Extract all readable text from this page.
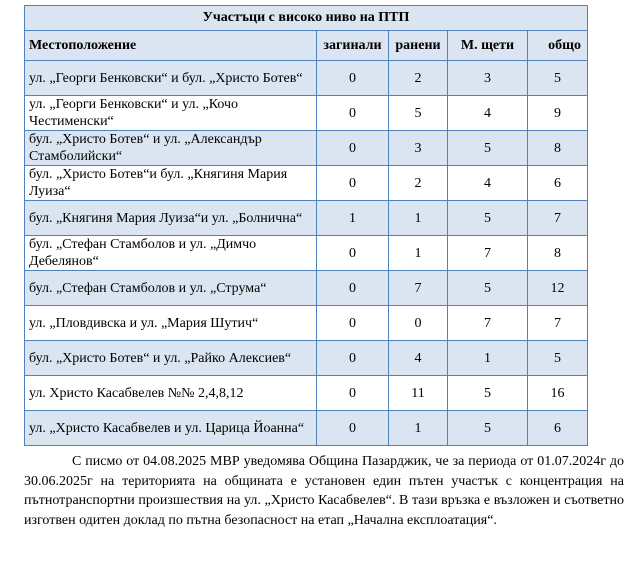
Участъци с високо ниво на ПТП				
Местоположение	загинали	ранени	М. щети	общо
ул. „Георги Бенковски“ и бул. „Христо Ботев“	0	2	3	5
ул. „Георги Бенковски“ и ул. „Кочо Честименски“	0	5	4	9
бул. „Христо Ботев“ и ул. „Александър Стамболийски“	0	3	5	8
бул. „Христо Ботев“и бул. „Княгиня Мария Луиза“	0	2	4	6
бул. „Княгиня Мария Луиза“и ул. „Болнична“	1	1	5	7
бул. „Стефан Стамболов и ул. „Димчо Дебелянов“	0	1	7	8
бул. „Стефан Стамболов и ул. „Струма“	0	7	5	12
ул. „Пловдивска и ул. „Мария Шутич“	0	0	7	7
бул. „Христо Ботев“ и ул. „Райко Алексиев“	0	4	1	5
ул. Христо Касабвелев №№ 2,4,8,12	0	11	5	16
ул. „Христо Касабвелев и ул. Царица Йоанна“	0	1	5	6

С писмо от 04.08.2025 МВР уведомява Община Пазарджик, че за периода от 01.07.2024г до 30.06.2025г на територията на общината е установен един пътен участък с концентрация на пътнотранспортни произшествия на ул. „Христо Касабвелев“. В тази връзка е възложен и съответно изготвен одитен доклад по пътна безопасност на етап „Начална експлоатация“.
